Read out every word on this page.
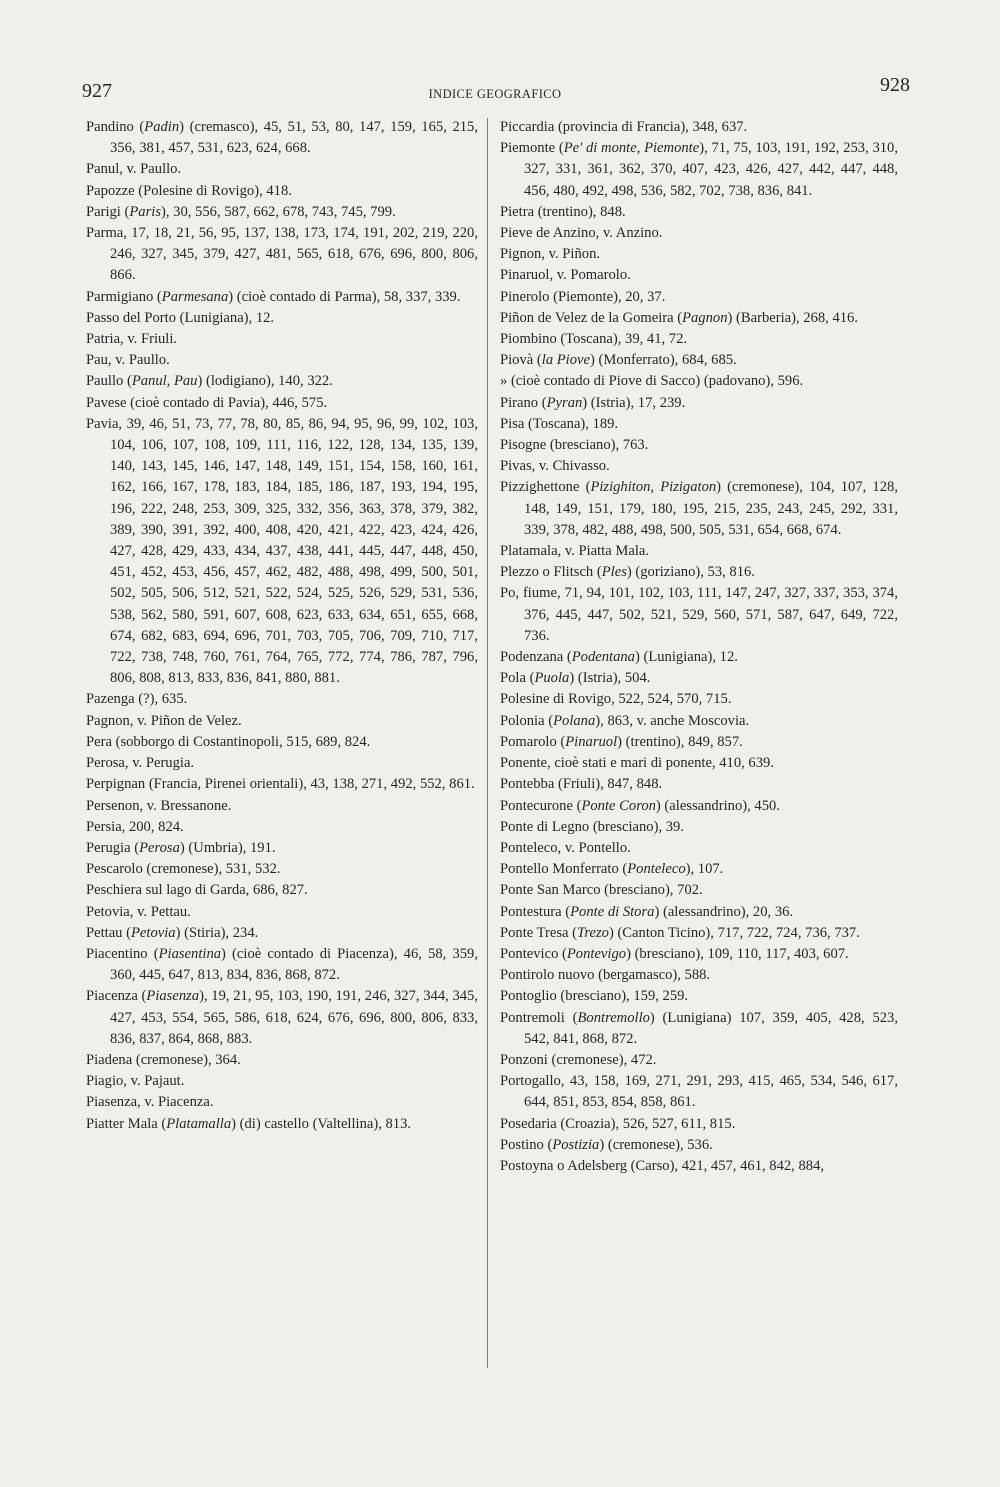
927	INDICE GEOGRAFICO	928
Pandino (Padin) (cremasco), 45, 51, 53, 80, 147, 159, 165, 215, 356, 381, 457, 531, 623, 624, 668.
Panul, v. Paullo.
Papozze (Polesine di Rovigo), 418.
Parigi (Paris), 30, 556, 587, 662, 678, 743, 745, 799.
Parma, 17, 18, 21, 56, 95, 137, 138, 173, 174, 191, 202, 219, 220, 246, 327, 345, 379, 427, 481, 565, 618, 676, 696, 800, 806, 866.
Parmigiano (Parmesana) (cioè contado di Parma), 58, 337, 339.
Passo del Porto (Lunigiana), 12.
Patria, v. Friuli.
Pau, v. Paullo.
Paullo (Panul, Pau) (lodigiano), 140, 322.
Pavese (cioè contado di Pavia), 446, 575.
Pavia, 39, 46, 51, 73, 77, 78, 80, 85, 86, 94, 95, 96, 99, 102, 103, 104, 106, 107, 108, 109, 111, 116, 122, 128, 134, 135, 139, 140, 143, 145, 146, 147, 148, 149, 151, 154, 158, 160, 161, 162, 166, 167, 178, 183, 184, 185, 186, 187, 193, 194, 195, 196, 222, 248, 253, 309, 325, 332, 356, 363, 378, 379, 382, 389, 390, 391, 392, 400, 408, 420, 421, 422, 423, 424, 426, 427, 428, 429, 433, 434, 437, 438, 441, 445, 447, 448, 450, 451, 452, 453, 456, 457, 462, 482, 488, 498, 499, 500, 501, 502, 505, 506, 512, 521, 522, 524, 525, 526, 529, 531, 536, 538, 562, 580, 591, 607, 608, 623, 633, 634, 651, 655, 668, 674, 682, 683, 694, 696, 701, 703, 705, 706, 709, 710, 717, 722, 738, 748, 760, 761, 764, 765, 772, 774, 786, 787, 796, 806, 808, 813, 833, 836, 841, 880, 881.
Pazenga (?), 635.
Pagnon, v. Piñon de Velez.
Pera (sobborgo di Costantinopoli, 515, 689, 824.
Perosa, v. Perugia.
Perpignan (Francia, Pirenei orientali), 43, 138, 271, 492, 552, 861.
Persenon, v. Bressanone.
Persia, 200, 824.
Perugia (Perosa) (Umbria), 191.
Pescarolo (cremonese), 531, 532.
Peschiera sul lago di Garda, 686, 827.
Petovia, v. Pettau.
Pettau (Petovia) (Stiria), 234.
Piacentino (Piasentina) (cioè contado di Piacenza), 46, 58, 359, 360, 445, 647, 813, 834, 836, 868, 872.
Piacenza (Piasenza), 19, 21, 95, 103, 190, 191, 246, 327, 344, 345, 427, 453, 554, 565, 586, 618, 624, 676, 696, 800, 806, 833, 836, 837, 864, 868, 883.
Piadena (cremonese), 364.
Piagio, v. Pajaut.
Piasenza, v. Piacenza.
Piatter Mala (Platamalla) (di) castello (Valtellina), 813.
Piccardia (provincia di Francia), 348, 637.
Piemonte (Pe' di monte, Piemonte), 71, 75, 103, 191, 192, 253, 310, 327, 331, 361, 362, 370, 407, 423, 426, 427, 442, 447, 448, 456, 480, 492, 498, 536, 582, 702, 738, 836, 841.
Pietra (trentino), 848.
Pieve de Anzino, v. Anzino.
Pignon, v. Piñon.
Pinaruol, v. Pomarolo.
Pinerolo (Piemonte), 20, 37.
Piñon de Velez de la Gomeira (Pagnon) (Barberia), 268, 416.
Piombino (Toscana), 39, 41, 72.
Piovà (la Piove) (Monferrato), 684, 685.
» (cioè contado di Piove di Sacco) (padovano), 596.
Pirano (Pyran) (Istria), 17, 239.
Pisa (Toscana), 189.
Pisogne (bresciano), 763.
Pivas, v. Chivasso.
Pizzighettone (Pizighiton, Pizigaton) (cremonese), 104, 107, 128, 148, 149, 151, 179, 180, 195, 215, 235, 243, 245, 292, 331, 339, 378, 482, 488, 498, 500, 505, 531, 654, 668, 674.
Platamala, v. Piatta Mala.
Plezzo o Flitsch (Ples) (goriziano), 53, 816.
Po, fiume, 71, 94, 101, 102, 103, 111, 147, 247, 327, 337, 353, 374, 376, 445, 447, 502, 521, 529, 560, 571, 587, 647, 649, 722, 736.
Podenzana (Podentana) (Lunigiana), 12.
Pola (Puola) (Istria), 504.
Polesine di Rovigo, 522, 524, 570, 715.
Polonia (Polana), 863, v. anche Moscovia.
Pomarolo (Pinaruol) (trentino), 849, 857.
Ponente, cioè stati e mari di ponente, 410, 639.
Pontebba (Friuli), 847, 848.
Pontecurone (Ponte Coron) (alessandrino), 450.
Ponte di Legno (bresciano), 39.
Ponteleco, v. Pontello.
Pontello Monferrato (Ponteleco), 107.
Ponte San Marco (bresciano), 702.
Pontestura (Ponte di Stora) (alessandrino), 20, 36.
Ponte Tresa (Trezo) (Canton Ticino), 717, 722, 724, 736, 737.
Pontevico (Pontevigo) (bresciano), 109, 110, 117, 403, 607.
Pontirolo nuovo (bergamasco), 588.
Pontoglio (bresciano), 159, 259.
Pontremoli (Bontremollo) (Lunigiana) 107, 359, 405, 428, 523, 542, 841, 868, 872.
Ponzoni (cremonese), 472.
Portogallo, 43, 158, 169, 271, 291, 293, 415, 465, 534, 546, 617, 644, 851, 853, 854, 858, 861.
Posedaria (Croazia), 526, 527, 611, 815.
Postino (Postizia) (cremonese), 536.
Postoyna o Adelsberg (Carso), 421, 457, 461, 842, 884,
